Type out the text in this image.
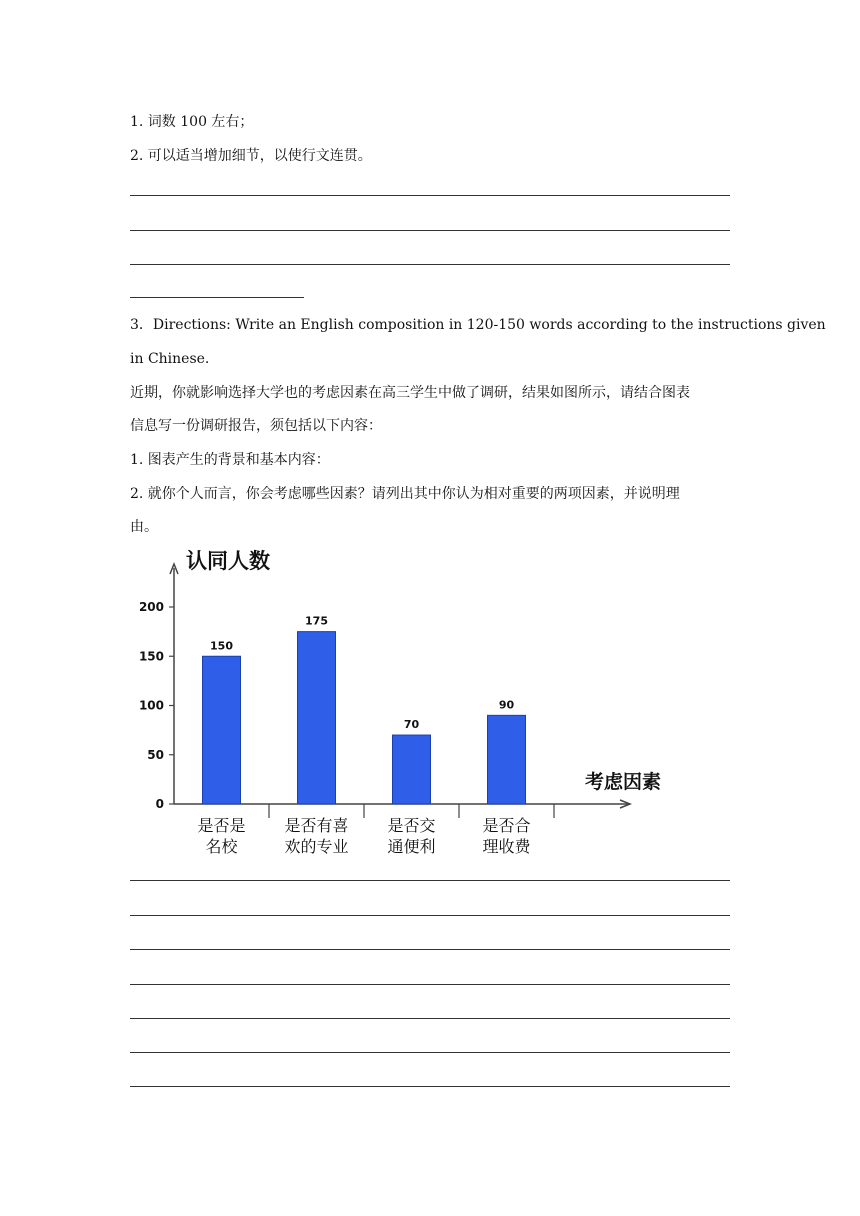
1. 词数 100 左右；
2. 可以适当增加细节，以使行文连贯。
3．Directions: Write an English composition in 120-150 words according to the instructions given
in Chinese.
近期，你就影响选择大学也的考虑因素在高三学生中做了调研，结果如图所示，请结合图表
信息写一份调研报告，须包括以下内容：
1. 图表产生的背景和基本内容：
2. 就你个人而言，你会考虑哪些因素？请列出其中你认为相对重要的两项因素，并说明理
由。
认同人数
考虑因素
0
50
100
150
200
150
是否是
名校
175
是否有喜
欢的专业
70
是否交
通便利
90
是否合
理收费
